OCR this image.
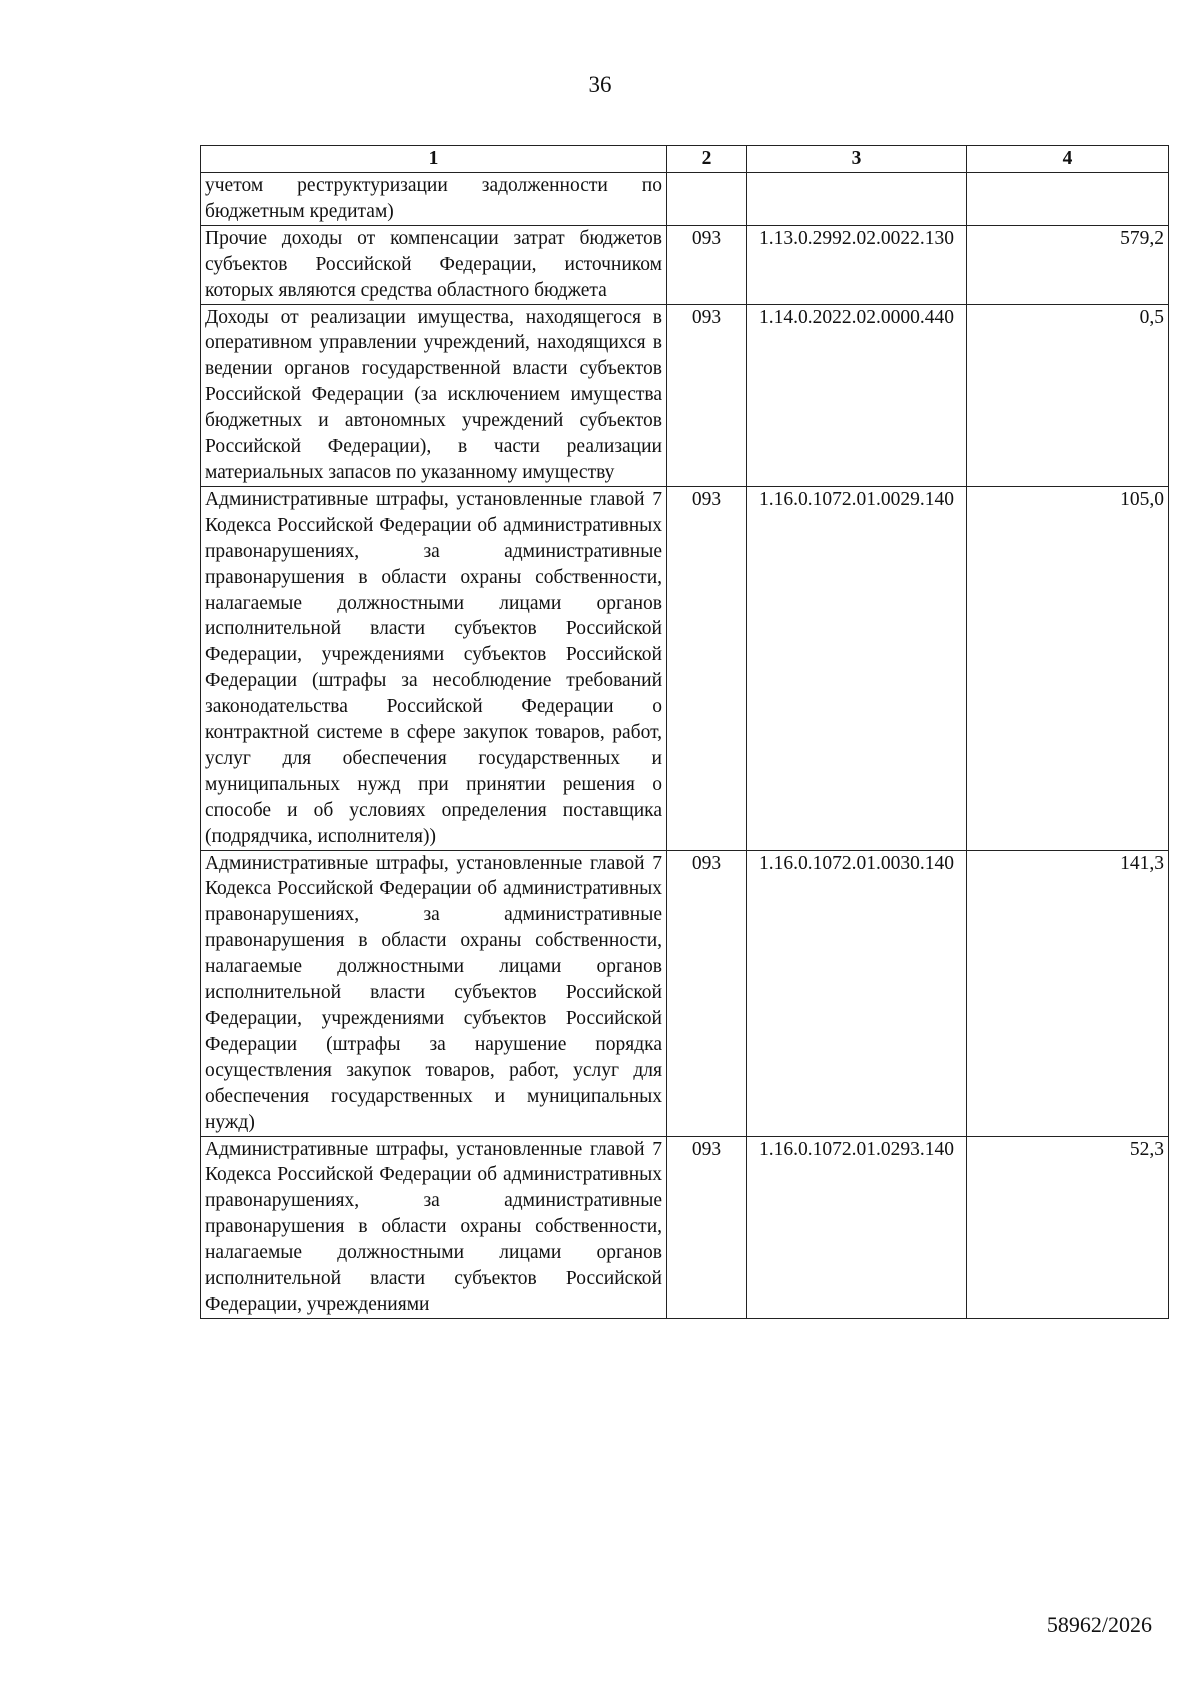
36
1	2	3	4
учетом реструктуризации задолженности по бюджетным кредитам)			
Прочие доходы от компенсации затрат бюджетов субъектов Российской Федерации, источником которых являются средства областного бюджета	093	1.13.0.2992.02.0022.130	579,2
Доходы от реализации имущества, находящегося в оперативном управлении учреждений, находящихся в ведении органов государственной власти субъектов Российской Федерации (за исключением имущества бюджетных и автономных учреждений субъектов Российской Федерации), в части реализации материальных запасов по указанному имуществу	093	1.14.0.2022.02.0000.440	0,5
Административные штрафы, установленные главой 7 Кодекса Российской Федерации об административных правонарушениях, за административные правонарушения в области охраны собственности, налагаемые должностными лицами органов исполнительной власти субъектов Российской Федерации, учреждениями субъектов Российской Федерации (штрафы за несоблюдение требований законодательства Российской Федерации о контрактной системе в сфере закупок товаров, работ, услуг для обеспечения государственных и муниципальных нужд при принятии решения о способе и об условиях определения поставщика (подрядчика, исполнителя))	093	1.16.0.1072.01.0029.140	105,0
Административные штрафы, установленные главой 7 Кодекса Российской Федерации об административных правонарушениях, за административные правонарушения в области охраны собственности, налагаемые должностными лицами органов исполнительной власти субъектов Российской Федерации, учреждениями субъектов Российской Федерации (штрафы за нарушение порядка осуществления закупок товаров, работ, услуг для обеспечения государственных и муниципальных нужд)	093	1.16.0.1072.01.0030.140	141,3
Административные штрафы, установленные главой 7 Кодекса Российской Федерации об административных правонарушениях, за административные правонарушения в области охраны собственности, налагаемые должностными лицами органов исполнительной власти субъектов Российской Федерации, учреждениями	093	1.16.0.1072.01.0293.140	52,3
58962/2026
